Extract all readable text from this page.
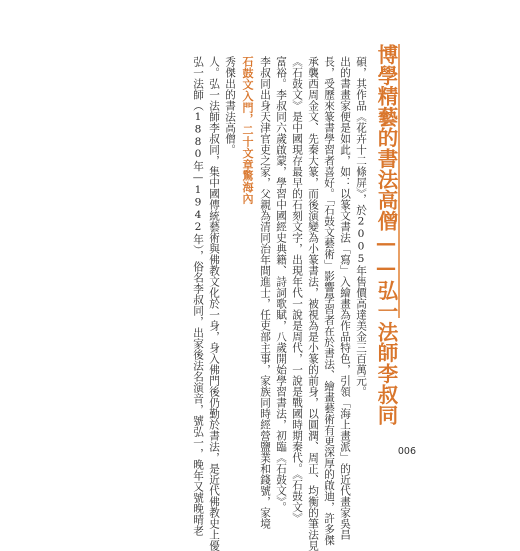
博學精藝的書法高僧——弘一法師李叔同
弘一法師（1880年—1942年），俗名李叔同，出家後法名演音，號弘一，晚年又號晚晴老 人。弘一法師李叔同，集中國傳統藝術與佛教文化於一身，身入佛門後仍勤於書法，是近代佛教史上優 秀傑出的書法高僧。 石鼓文入門，二十文章驚海內 李叔同出身天津官吏之家，父親為清同治年間進士，任吏部主事，家族同時經營鹽業和錢號，家境 富裕。李叔同六歲啟蒙，學習中國經史典籍、詩詞歌賦，八歲開始學習書法，初臨《石鼓文》。 《石鼓文》是中國現存最早的石刻文字，出現年代一說是周代，一說是戰國時期秦代。《石鼓文》 承襲西周金文、先秦大篆，而後演變為小篆書法，被視為是小篆的前身，以圓潤、周正、均衡的筆法見 長，受歷來篆書學習者喜好。「石鼓文藝術」影響學習者在於書法、繪畫藝術有更深厚的啟迪，許多傑 出的書畫家便是如此，如：以篆文書法「寫」入繪畫為作品特色，引領「海上畫派」的近代畫家吳昌 碩，其作品《花卉十二條屏》，於2005年售價高達美金三百萬元。
006
